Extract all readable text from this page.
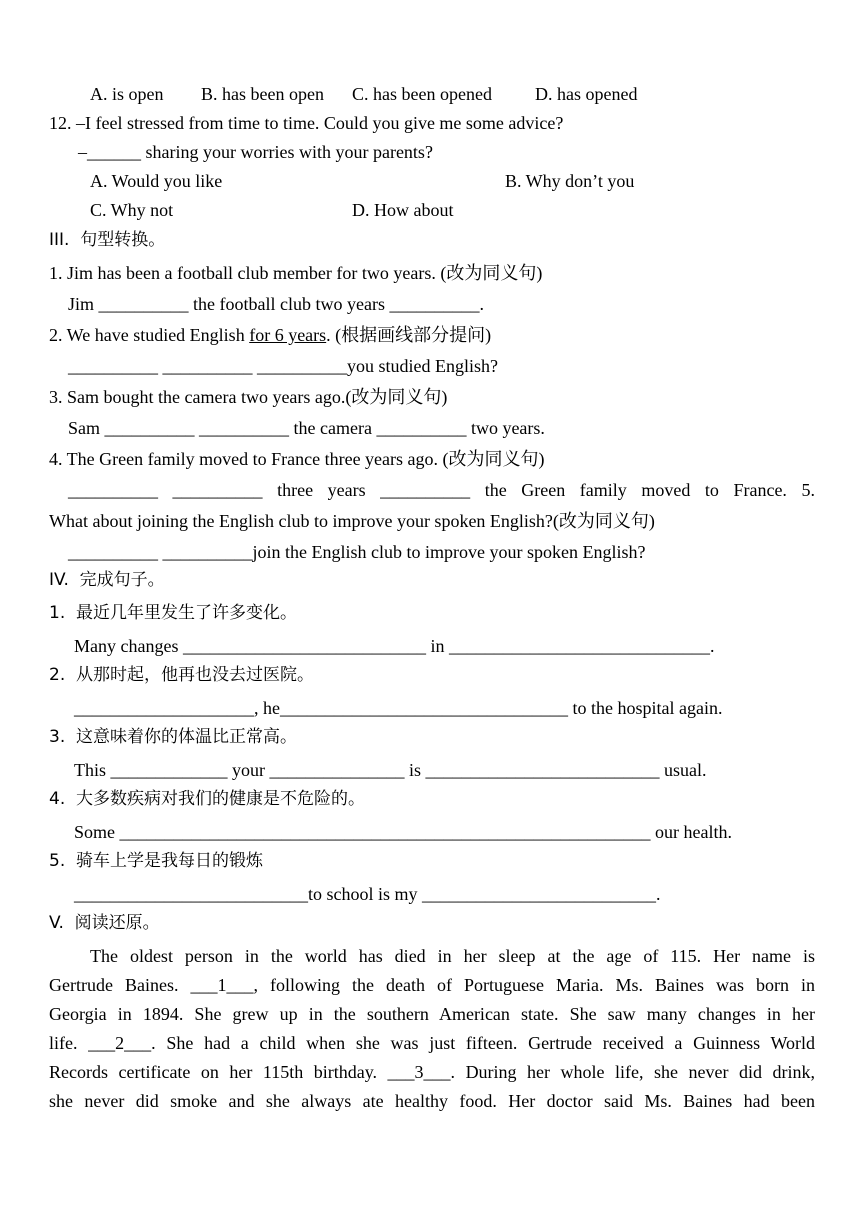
A. is open B. has been open C. has been opened D. has opened
12. –I feel stressed from time to time. Could you give me some advice?
–______ sharing your worries with your parents?
A. Would you like	B. Why don’t you
C. Why not	D. How about
III.  句型转换。
1. Jim has been a football club member for two years. (改为同义句)
Jim __________ the football club two years __________.
2. We have studied English for 6 years. (根据画线部分提问)
__________ __________ __________you studied English?
3. Sam bought the camera two years ago.(改为同义句)
Sam __________ __________ the camera __________ two years.
4. The Green family moved to France three years ago. (改为同义句)
__________ __________ three years __________ the Green family moved to France. 5.
What about joining the English club to improve your spoken English?(改为同义句)
__________ __________join the English club to improve your spoken English?
IV.  完成句子。
1.  最近几年里发生了许多变化。
Many changes ___________________________ in _____________________________.
2.  从那时起，他再也没去过医院。
____________________, he________________________________ to the hospital again.
3.  这意味着你的体温比正常高。
This _____________ your _______________ is __________________________ usual.
4.  大多数疾病对我们的健康是不危险的。
Some ___________________________________________________________ our health.
5.  骑车上学是我每日的锻炼
__________________________to school is my __________________________.
V.  阅读还原。
The oldest person in the world has died in her sleep at the age of 115. Her name is
Gertrude Baines. ___1___, following the death of Portuguese Maria. Ms. Baines was born in
Georgia in 1894. She grew up in the southern American state. She saw many changes in her
life. ___2___. She had a child when she was just fifteen. Gertrude received a Guinness World
Records certificate on her 115th birthday. ___3___. During her whole life, she never did drink,
she never did smoke and she always ate healthy food. Her doctor said Ms. Baines had been
